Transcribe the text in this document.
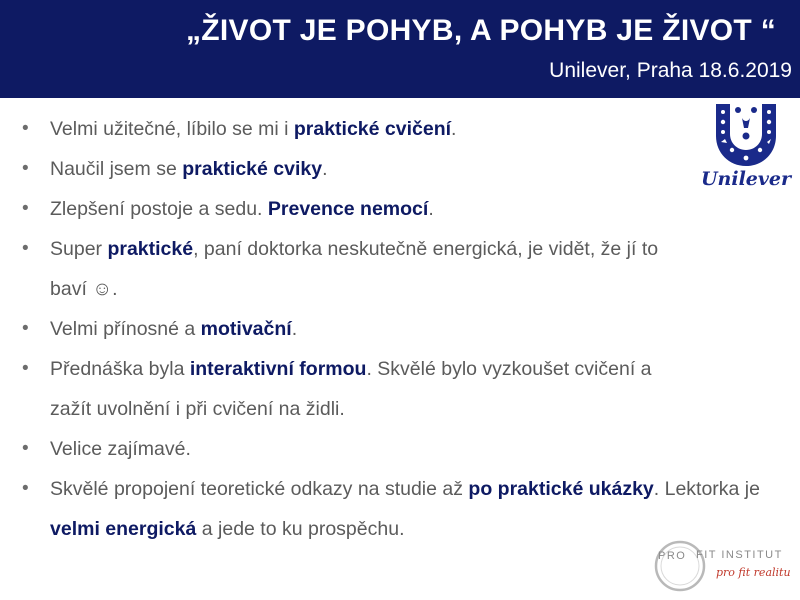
„ŽIVOT JE POHYB, A POHYB JE ŽIVOT “
Unilever, Praha 18.6.2019
• Velmi užitečné, líbilo se mi i praktické cvičení.
• Naučil jsem se praktické cviky.
• Zlepšení postoje a sedu. Prevence nemocí.
• Super praktické, paní doktorka neskutečně energická, je vidět, že jí to baví ☺.
• Velmi přínosné a motivační.
• Přednáška byla interaktivní formou. Skvělé bylo vyzkoušet cvičení a zažít uvolnění i při cvičení na židli.
• Velice zajímavé.
• Skvělé propojení teoretické odkazy na studie až po praktické ukázky. Lektorka je velmi energická a jede to ku prospěchu.
Unilever
PRO FIT INSTITUT
pro fit realitu
